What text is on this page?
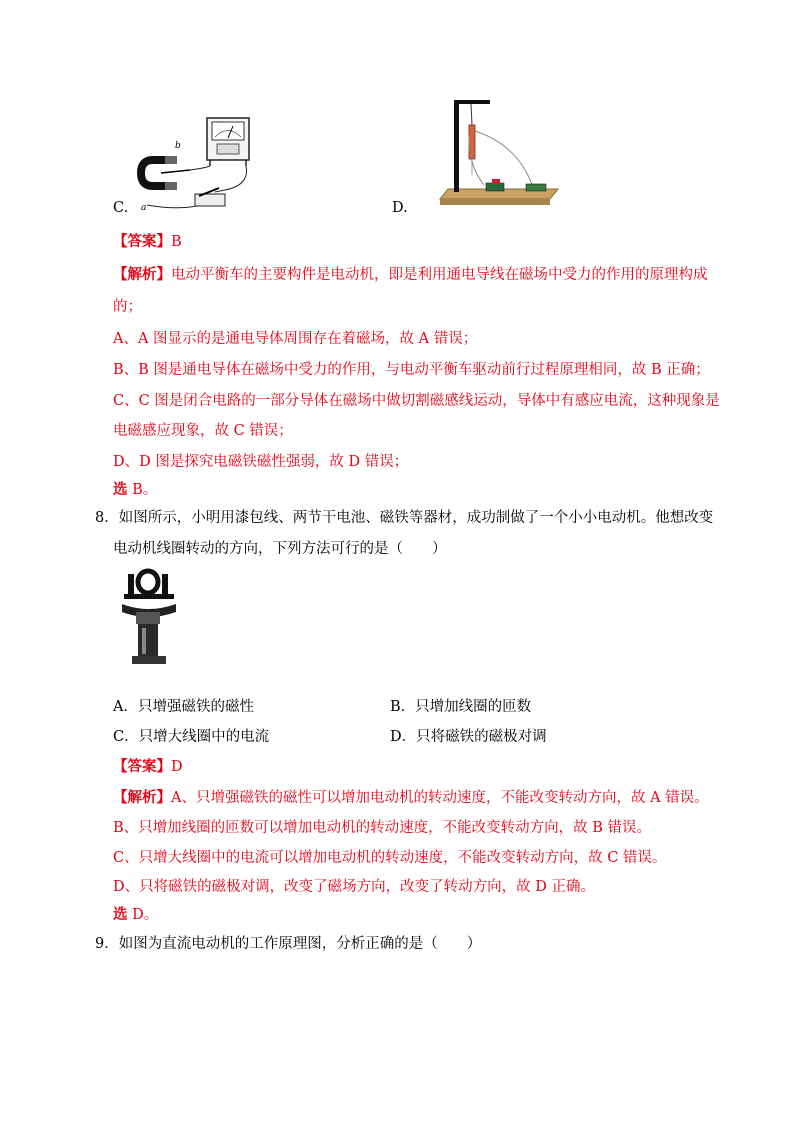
b
a
C.	D.
【答案】B
【解析】电动平衡车的主要构件是电动机，即是利用通电导线在磁场中受力的作用的原理构成
的；
A、A 图显示的是通电导体周围存在着磁场，故 A 错误；
B、B 图是通电导体在磁场中受力的作用，与电动平衡车驱动前行过程原理相同，故 B 正确；
C、C 图是闭合电路的一部分导体在磁场中做切割磁感线运动，导体中有感应电流，这种现象是
电磁感应现象，故 C 错误；
D、D 图是探究电磁铁磁性强弱，故 D 错误；
选 B。
8．如图所示，小明用漆包线、两节干电池、磁铁等器材，成功制做了一个小小电动机。他想改变
电动机线圈转动的方向，下列方法可行的是（　　）
A．只增强磁铁的磁性	B．只增加线圈的匝数
C．只增大线圈中的电流	D．只将磁铁的磁极对调
【答案】D
【解析】A、只增强磁铁的磁性可以增加电动机的转动速度，不能改变转动方向，故 A 错误。
B、只增加线圈的匝数可以增加电动机的转动速度，不能改变转动方向，故 B 错误。
C、只增大线圈中的电流可以增加电动机的转动速度，不能改变转动方向，故 C 错误。
D、只将磁铁的磁极对调，改变了磁场方向，改变了转动方向，故 D 正确。
选 D。
9．如图为直流电动机的工作原理图，分析正确的是（　　）
